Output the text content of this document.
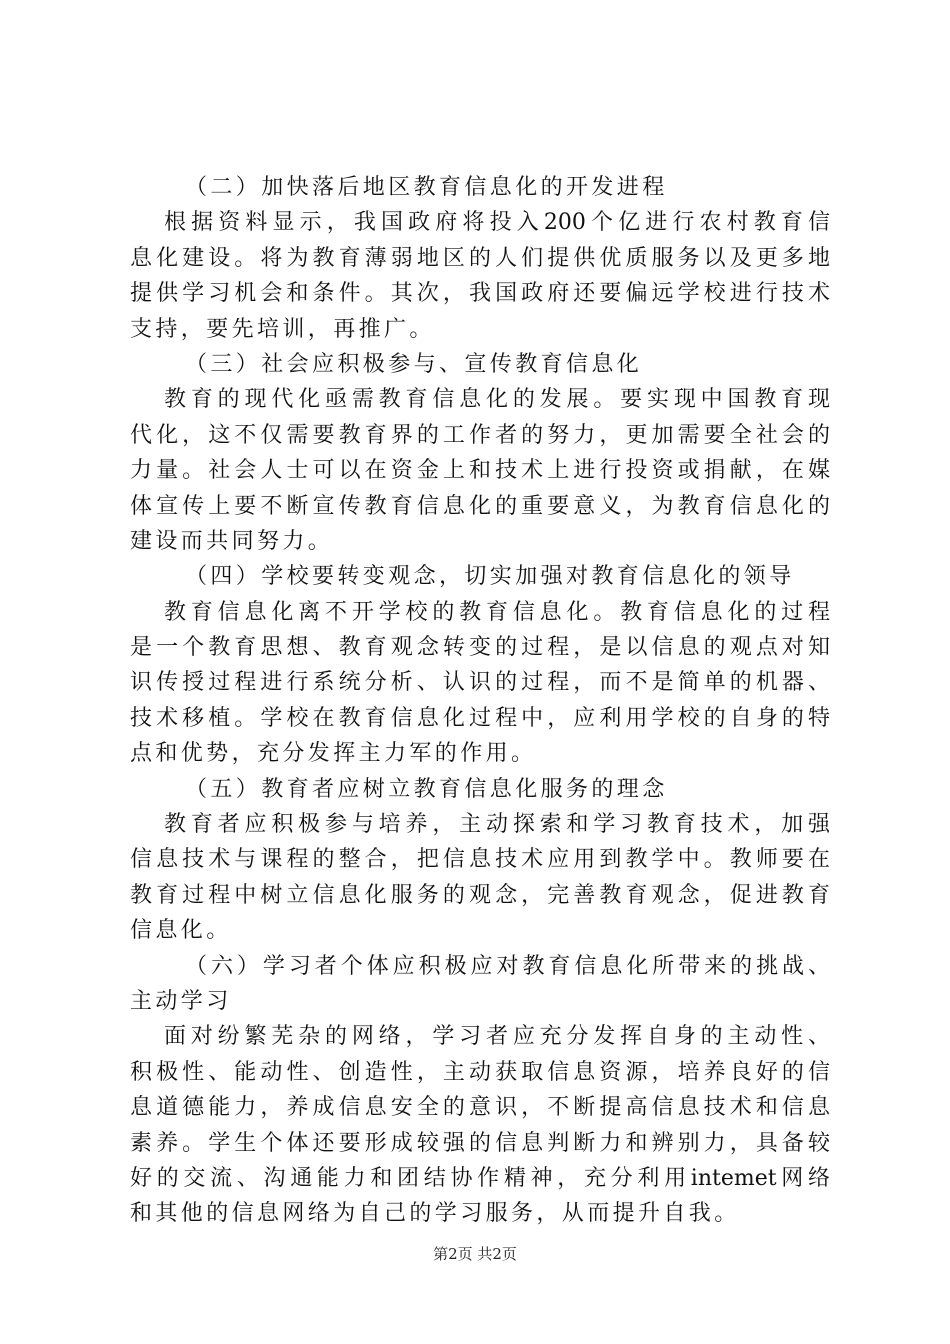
（二）加快落后地区教育信息化的开发进程
根据资料显示，我国政府将投入200个亿进行农村教育信
息化建设。将为教育薄弱地区的人们提供优质服务以及更多地
提供学习机会和条件。其次，我国政府还要偏远学校进行技术
支持，要先培训，再推广。
（三）社会应积极参与、宣传教育信息化
教育的现代化亟需教育信息化的发展。要实现中国教育现
代化，这不仅需要教育界的工作者的努力，更加需要全社会的
力量。社会人士可以在资金上和技术上进行投资或捐献，在媒
体宣传上要不断宣传教育信息化的重要意义，为教育信息化的
建设而共同努力。
（四）学校要转变观念，切实加强对教育信息化的领导
教育信息化离不开学校的教育信息化。教育信息化的过程
是一个教育思想、教育观念转变的过程，是以信息的观点对知
识传授过程进行系统分析、认识的过程，而不是简单的机器、
技术移植。学校在教育信息化过程中，应利用学校的自身的特
点和优势，充分发挥主力军的作用。
（五）教育者应树立教育信息化服务的理念
教育者应积极参与培养，主动探索和学习教育技术，加强
信息技术与课程的整合，把信息技术应用到教学中。教师要在
教育过程中树立信息化服务的观念，完善教育观念，促进教育
信息化。
（六）学习者个体应积极应对教育信息化所带来的挑战、
主动学习
面对纷繁芜杂的网络，学习者应充分发挥自身的主动性、
积极性、能动性、创造性，主动获取信息资源，培养良好的信
息道德能力，养成信息安全的意识，不断提高信息技术和信息
素养。学生个体还要形成较强的信息判断力和辨别力，具备较
好的交流、沟通能力和团结协作精神，充分利用intemet网络
和其他的信息网络为自己的学习服务，从而提升自我。
第2页 共2页
